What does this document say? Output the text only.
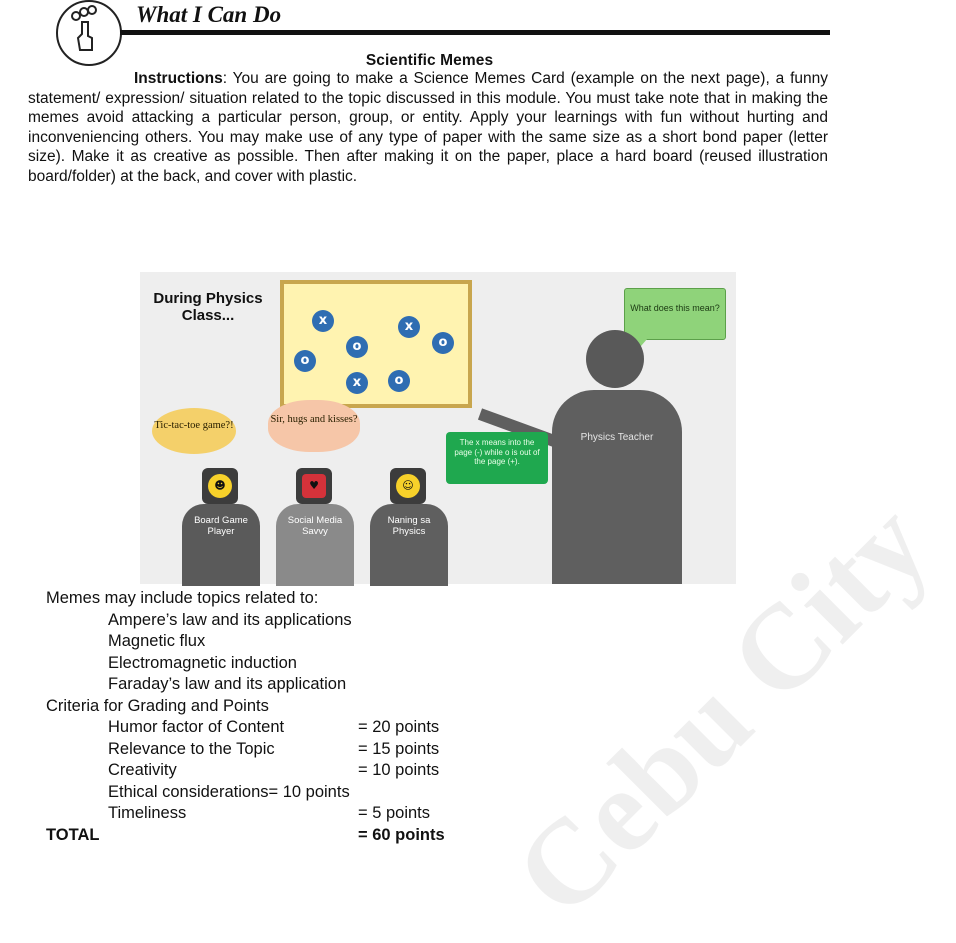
Cebu City
What I Can Do
Scientific Memes

Instructions: You are going to make a Science Memes Card (example on the next page), a funny statement/ expression/ situation related to the topic discussed in this module. You must take note that in making the memes avoid attacking a particular person, group, or entity. Apply your learnings with fun without hurting and inconveniencing others. You may make use of any type of paper with the same size as a short bond paper (letter size). Make it as creative as possible. Then after making it on the paper, place a hard board (reused illustration board/folder) at the back, and cover with plastic.

During Physics Class...	x	x
o	o
o
x	o
What does this mean?
Physics Teacher
Tic-tac-toe game?!
Sir, hugs and kisses?
The x means into the page (-) while o is out of the page (+).
☻
Board Game Player
♥
Social Media Savvy
☺
Naning sa Physics
Memes may include topics related to:
Ampere’s law and its applications
Magnetic flux
Electromagnetic induction
Faraday’s law and its application
Criteria for Grading and Points
Humor factor of Content	= 20 points
Relevance to the Topic	= 15 points
Creativity	= 10 points
Ethical considerations= 10 points
Timeliness	= 5 points
TOTAL	= 60 points
